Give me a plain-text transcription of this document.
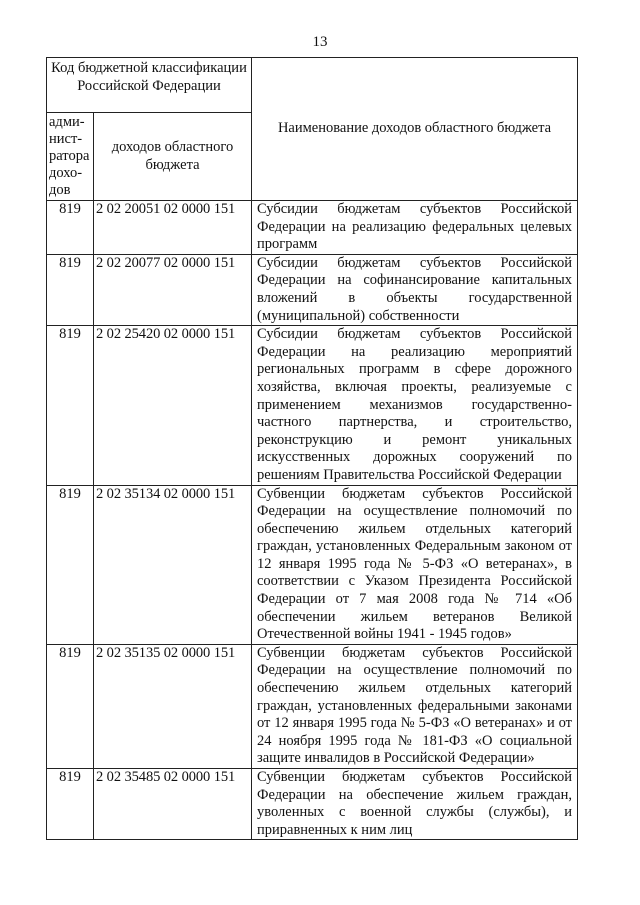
13
Код бюджетной классификации Российской Федерации		Наименование доходов областного бюджета
адми-нист-ратора дохо-дов	доходов областного бюджета	
819	2 02 20051 02 0000 151	Субсидии бюджетам субъектов Российской Федерации на реализацию федеральных целевых программ
819	2 02 20077 02 0000 151	Субсидии бюджетам субъектов Российской Федерации на софинансирование капитальных вложений в объекты государственной (муниципальной) собственности
819	2 02 25420 02 0000 151	Субсидии бюджетам субъектов Российской Федерации на реализацию мероприятий региональных программ в сфере дорожного хозяйства, включая проекты, реализуемые с применением механизмов государственно-частного партнерства, и строительство, реконструкцию и ремонт уникальных искусственных дорожных сооружений по решениям Правительства Российской Федерации
819	2 02 35134 02 0000 151	Субвенции бюджетам субъектов Российской Федерации на осуществление полномочий по обеспечению жильем отдельных категорий граждан, установленных Федеральным законом от 12 января 1995 года № 5-ФЗ «О ветеранах», в соответствии с Указом Президента Российской Федерации от 7 мая 2008 года № 714 «Об обеспечении жильем ветеранов Великой Отечественной войны 1941 - 1945 годов»
819	2 02 35135 02 0000 151	Субвенции бюджетам субъектов Российской Федерации на осуществление полномочий по обеспечению жильем отдельных категорий граждан, установленных федеральными законами от 12 января 1995 года № 5-ФЗ «О ветеранах» и от 24 ноября 1995 года № 181-ФЗ «О социальной защите инвалидов в Российской Федерации»
819	2 02 35485 02 0000 151	Субвенции бюджетам субъектов Российской Федерации на обеспечение жильем граждан, уволенных с военной службы (службы), и приравненных к ним лиц
